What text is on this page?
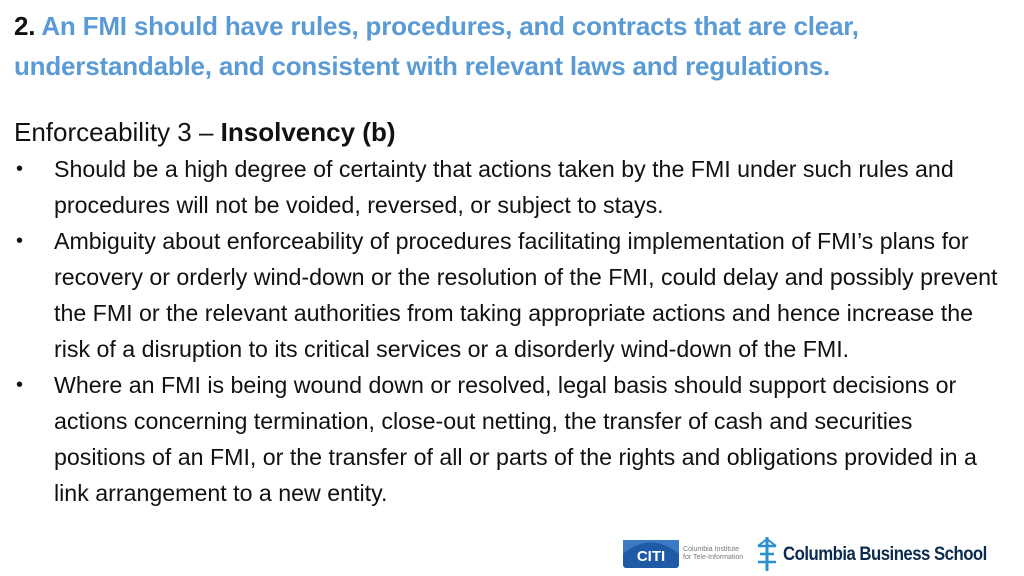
2. An FMI should have rules, procedures, and contracts that are clear, understandable, and consistent with relevant laws and regulations.
Enforceability 3 – Insolvency (b)
•	Should be a high degree of certainty that actions taken by the FMI under such rules and procedures will not be voided, reversed, or subject to stays.
•	Ambiguity about enforceability of procedures facilitating implementation of FMI’s plans for recovery or orderly wind-down or the resolution of the FMI, could delay and possibly prevent the FMI or the relevant authorities from taking appropriate actions and hence increase the risk of a disruption to its critical services or a disorderly wind-down of the FMI.
•	Where an FMI is being wound down or resolved, legal basis should support decisions or actions concerning termination, close-out netting, the transfer of cash and securities positions of an FMI, or the transfer of all or parts of the rights and obligations provided in a link arrangement to a new entity.
CITI	Columbia Institute for Tele-Information Columbia Business School
